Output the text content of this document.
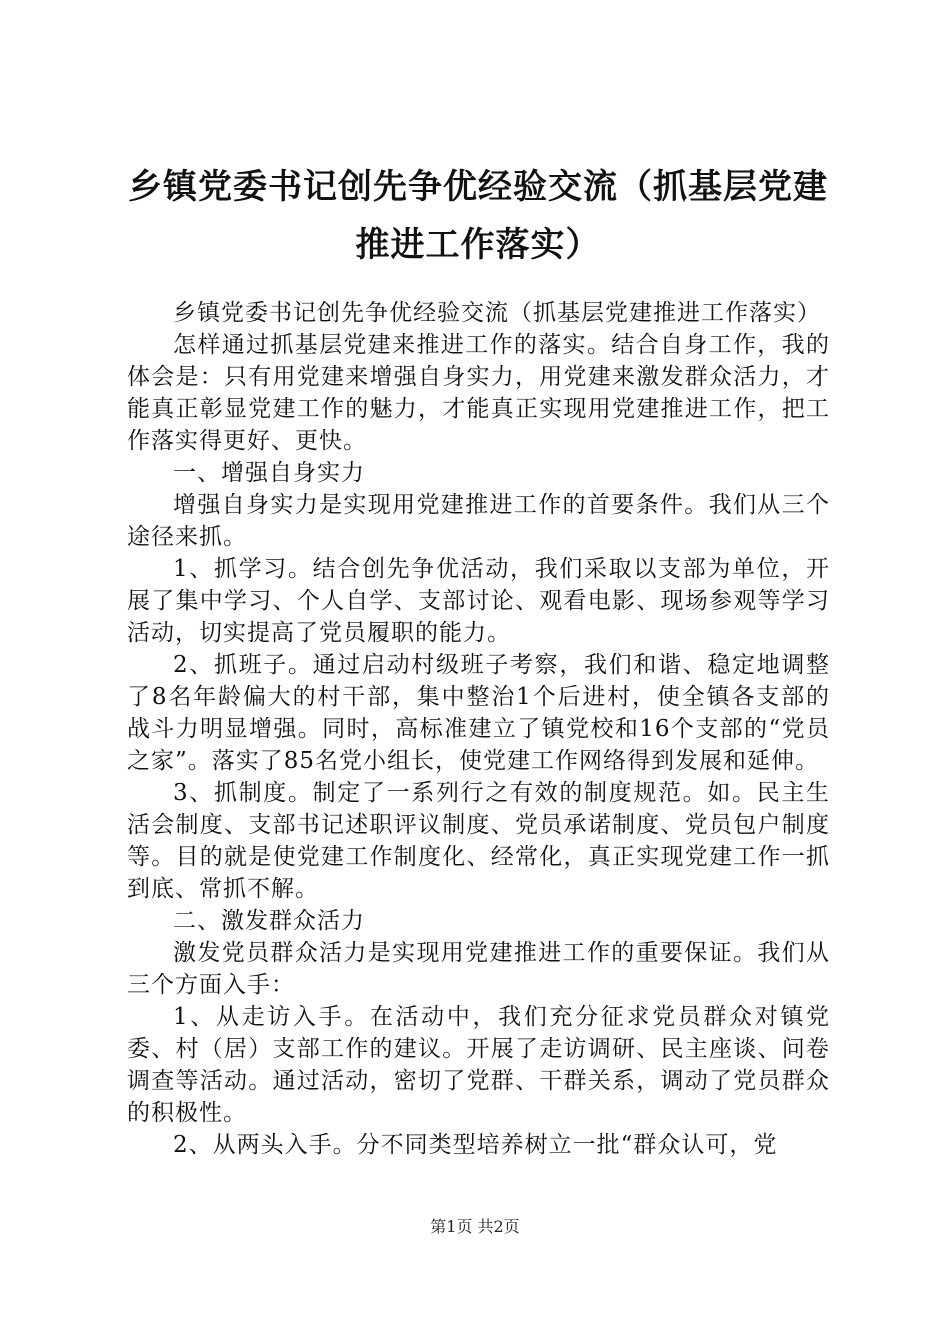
乡镇党委书记创先争优经验交流（抓基层党建推进工作落实）

乡镇党委书记创先争优经验交流（抓基层党建推进工作落实）

怎样通过抓基层党建来推进工作的落实。结合自身工作，我的体会是：只有用党建来增强自身实力，用党建来激发群众活力，才能真正彰显党建工作的魅力，才能真正实现用党建推进工作，把工作落实得更好、更快。

一、增强自身实力

增强自身实力是实现用党建推进工作的首要条件。我们从三个途径来抓。

1、抓学习。结合创先争优活动，我们采取以支部为单位，开展了集中学习、个人自学、支部讨论、观看电影、现场参观等学习活动，切实提高了党员履职的能力。

2、抓班子。通过启动村级班子考察，我们和谐、稳定地调整了8名年龄偏大的村干部，集中整治1个后进村，使全镇各支部的战斗力明显增强。同时，高标准建立了镇党校和16个支部的“党员之家”。落实了85名党小组长，使党建工作网络得到发展和延伸。

3、抓制度。制定了一系列行之有效的制度规范。如。民主生活会制度、支部书记述职评议制度、党员承诺制度、党员包户制度等。目的就是使党建工作制度化、经常化，真正实现党建工作一抓到底、常抓不解。

二、激发群众活力

激发党员群众活力是实现用党建推进工作的重要保证。我们从三个方面入手：

1、从走访入手。在活动中，我们充分征求党员群众对镇党委、村（居）支部工作的建议。开展了走访调研、民主座谈、问卷调查等活动。通过活动，密切了党群、干群关系，调动了党员群众的积极性。

2、从两头入手。分不同类型培养树立一批“群众认可，党

第1页 共2页
